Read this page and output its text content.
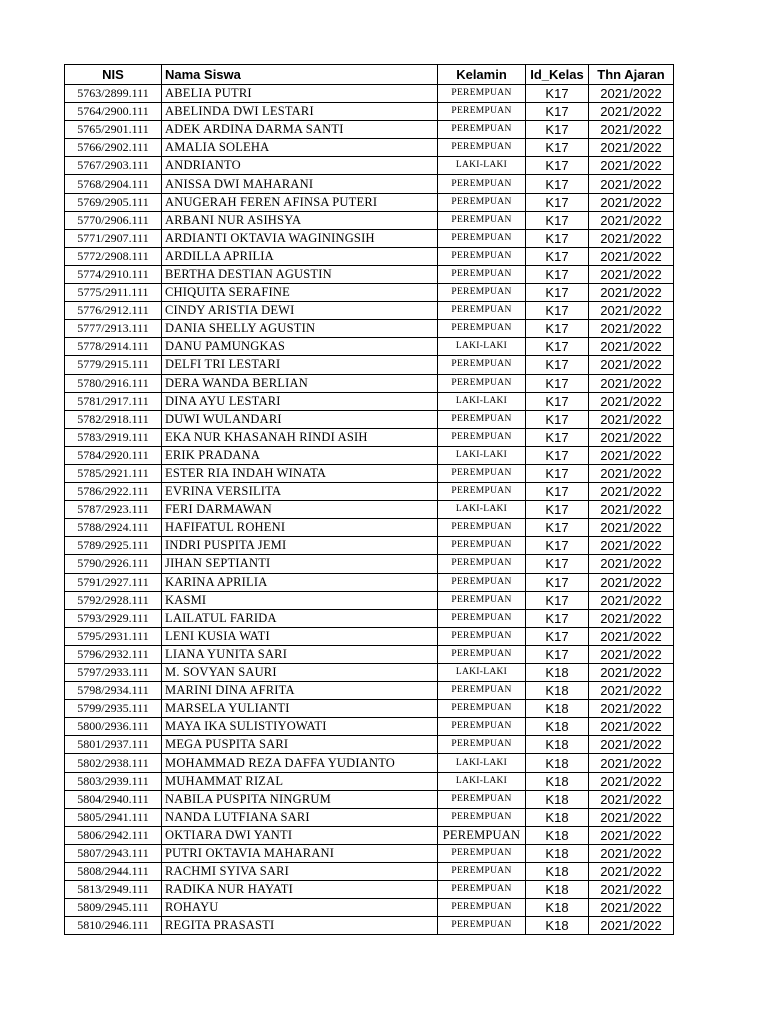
NIS	Nama Siswa	Kelamin	Id_Kelas	Thn Ajaran
5763/2899.111	ABELIA PUTRI	PEREMPUAN	K17	2021/2022
5764/2900.111	ABELINDA DWI LESTARI	PEREMPUAN	K17	2021/2022
5765/2901.111	ADEK ARDINA DARMA SANTI	PEREMPUAN	K17	2021/2022
5766/2902.111	AMALIA SOLEHA	PEREMPUAN	K17	2021/2022
5767/2903.111	ANDRIANTO	LAKI-LAKI	K17	2021/2022
5768/2904.111	ANISSA DWI MAHARANI	PEREMPUAN	K17	2021/2022
5769/2905.111	ANUGERAH FEREN AFINSA PUTERI	PEREMPUAN	K17	2021/2022
5770/2906.111	ARBANI NUR ASIHSYA	PEREMPUAN	K17	2021/2022
5771/2907.111	ARDIANTI OKTAVIA WAGININGSIH	PEREMPUAN	K17	2021/2022
5772/2908.111	ARDILLA APRILIA	PEREMPUAN	K17	2021/2022
5774/2910.111	BERTHA DESTIAN AGUSTIN	PEREMPUAN	K17	2021/2022
5775/2911.111	CHIQUITA SERAFINE	PEREMPUAN	K17	2021/2022
5776/2912.111	CINDY ARISTIA DEWI	PEREMPUAN	K17	2021/2022
5777/2913.111	DANIA SHELLY AGUSTIN	PEREMPUAN	K17	2021/2022
5778/2914.111	DANU PAMUNGKAS	LAKI-LAKI	K17	2021/2022
5779/2915.111	DELFI TRI LESTARI	PEREMPUAN	K17	2021/2022
5780/2916.111	DERA WANDA BERLIAN	PEREMPUAN	K17	2021/2022
5781/2917.111	DINA AYU LESTARI	LAKI-LAKI	K17	2021/2022
5782/2918.111	DUWI WULANDARI	PEREMPUAN	K17	2021/2022
5783/2919.111	EKA NUR KHASANAH RINDI ASIH	PEREMPUAN	K17	2021/2022
5784/2920.111	ERIK PRADANA	LAKI-LAKI	K17	2021/2022
5785/2921.111	ESTER RIA INDAH WINATA	PEREMPUAN	K17	2021/2022
5786/2922.111	EVRINA VERSILITA	PEREMPUAN	K17	2021/2022
5787/2923.111	FERI DARMAWAN	LAKI-LAKI	K17	2021/2022
5788/2924.111	HAFIFATUL ROHENI	PEREMPUAN	K17	2021/2022
5789/2925.111	INDRI PUSPITA JEMI	PEREMPUAN	K17	2021/2022
5790/2926.111	JIHAN SEPTIANTI	PEREMPUAN	K17	2021/2022
5791/2927.111	KARINA APRILIA	PEREMPUAN	K17	2021/2022
5792/2928.111	KASMI	PEREMPUAN	K17	2021/2022
5793/2929.111	LAILATUL FARIDA	PEREMPUAN	K17	2021/2022
5795/2931.111	LENI KUSIA WATI	PEREMPUAN	K17	2021/2022
5796/2932.111	LIANA YUNITA SARI	PEREMPUAN	K17	2021/2022
5797/2933.111	M. SOVYAN SAURI	LAKI-LAKI	K18	2021/2022
5798/2934.111	MARINI DINA AFRITA	PEREMPUAN	K18	2021/2022
5799/2935.111	MARSELA YULIANTI	PEREMPUAN	K18	2021/2022
5800/2936.111	MAYA IKA SULISTIYOWATI	PEREMPUAN	K18	2021/2022
5801/2937.111	MEGA PUSPITA SARI	PEREMPUAN	K18	2021/2022
5802/2938.111	MOHAMMAD REZA DAFFA YUDIANTO	LAKI-LAKI	K18	2021/2022
5803/2939.111	MUHAMMAT RIZAL	LAKI-LAKI	K18	2021/2022
5804/2940.111	NABILA PUSPITA NINGRUM	PEREMPUAN	K18	2021/2022
5805/2941.111	NANDA LUTFIANA SARI	PEREMPUAN	K18	2021/2022
5806/2942.111	OKTIARA DWI YANTI	PEREMPUAN	K18	2021/2022
5807/2943.111	PUTRI OKTAVIA MAHARANI	PEREMPUAN	K18	2021/2022
5808/2944.111	RACHMI SYIVA SARI	PEREMPUAN	K18	2021/2022
5813/2949.111	RADIKA NUR HAYATI	PEREMPUAN	K18	2021/2022
5809/2945.111	ROHAYU	PEREMPUAN	K18	2021/2022
5810/2946.111	REGITA PRASASTI	PEREMPUAN	K18	2021/2022
